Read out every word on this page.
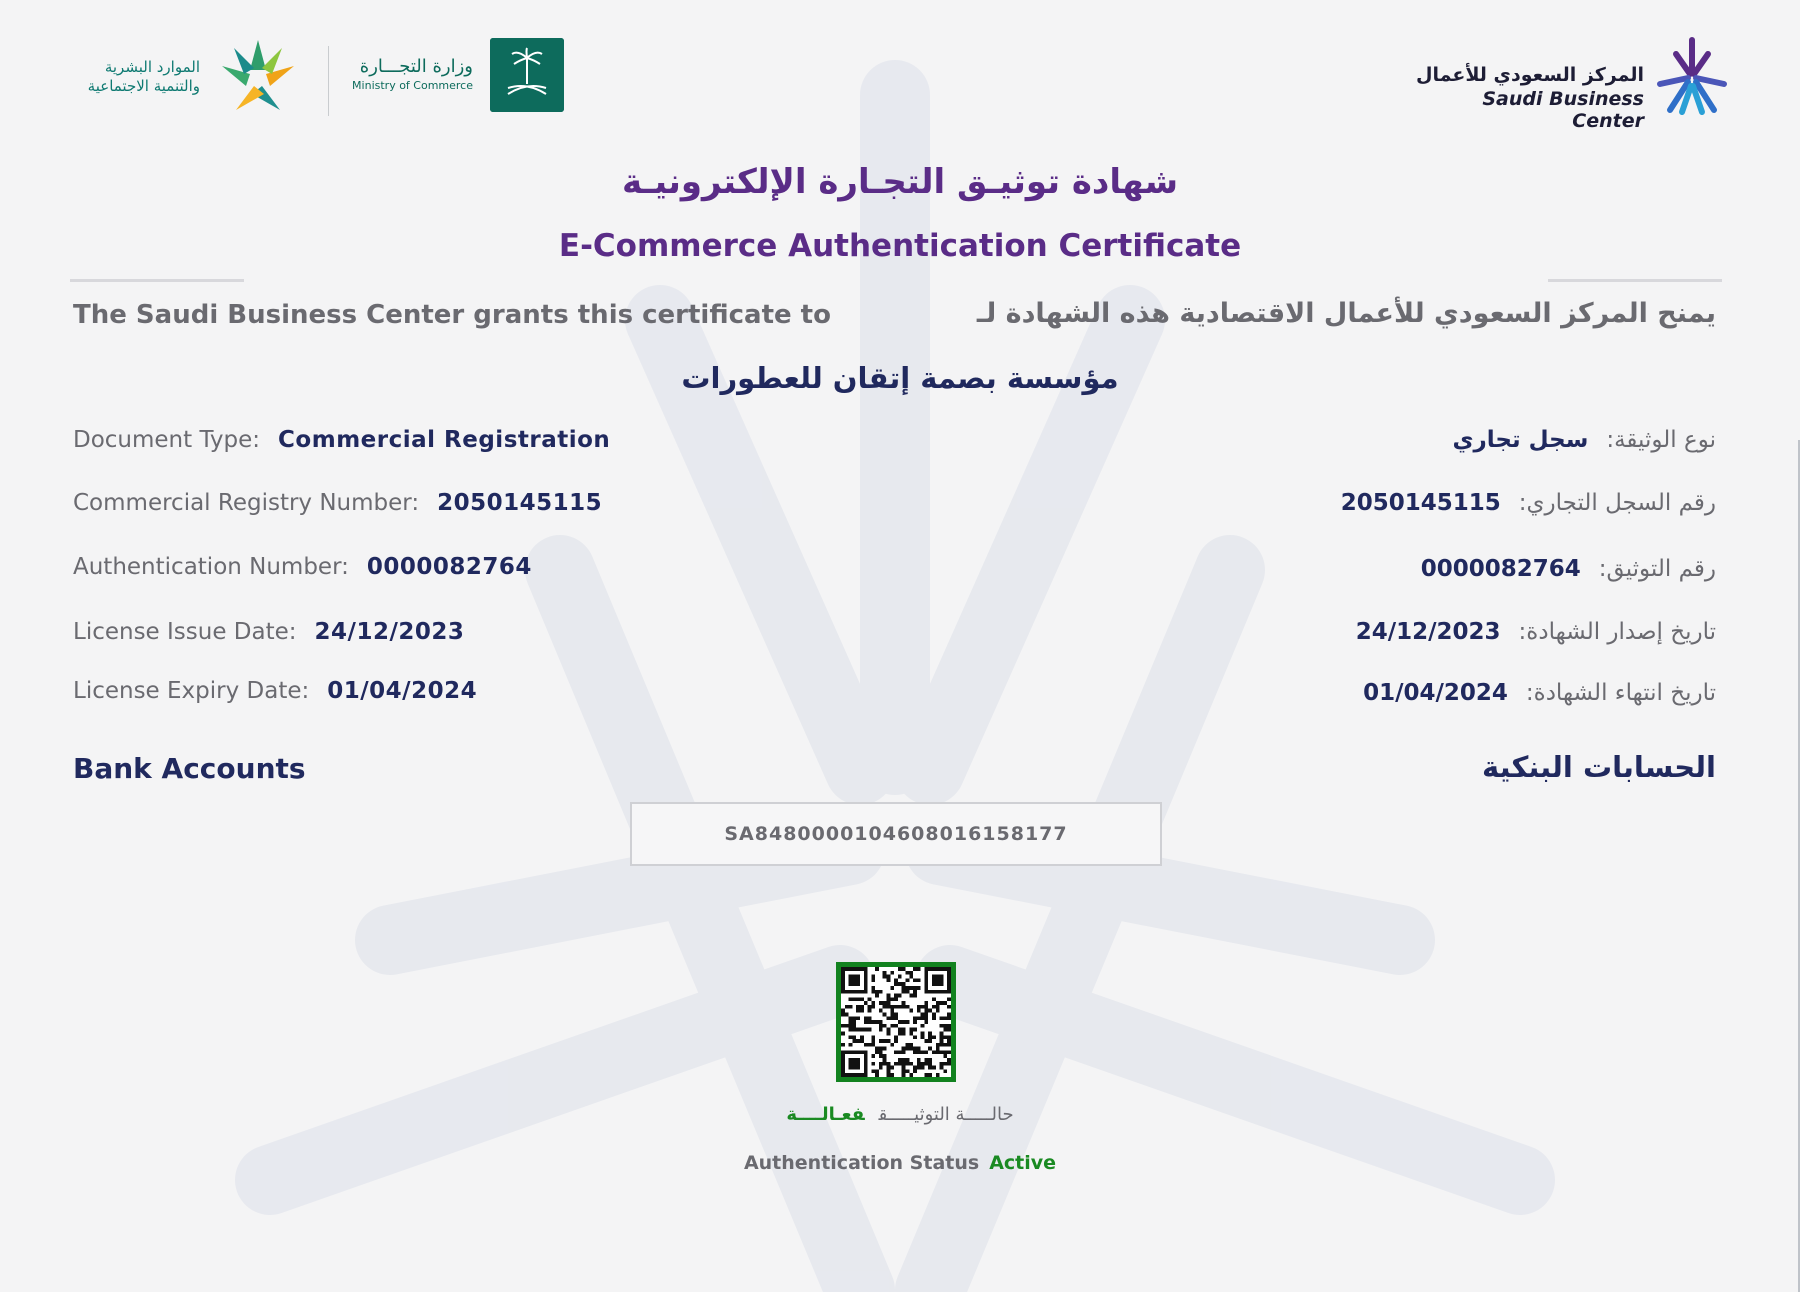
الموارد البشرية والتنمية الاجتماعية
وزارة التجـــارة
Ministry of Commerce	المركز السعودي للأعمال
Saudi Business Center
شهادة توثيـق التجـارة الإلكترونيـة
E-Commerce Authentication Certificate
The Saudi Business Center grants this certificate to	يمنح المركز السعودي للأعمال الاقتصادية هذه الشهادة لـ
مؤسسة بصمة إتقان للعطورات
Document Type: Commercial Registration	نوع الوثيقة:سجل تجاري
Commercial Registry Number: 2050145115	رقم السجل التجاري:2050145115
Authentication Number: 0000082764	رقم التوثيق:0000082764
License Issue Date: 24/12/2023	تاريخ إصدار الشهادة:24/12/2023
License Expiry Date: 01/04/2024	تاريخ انتهاء الشهادة:01/04/2024
Bank Accounts	الحسابات البنكية
SA8480000104608016158177
حالـــــة التوثيـــــقفعـالــــة
Authentication Status Active
